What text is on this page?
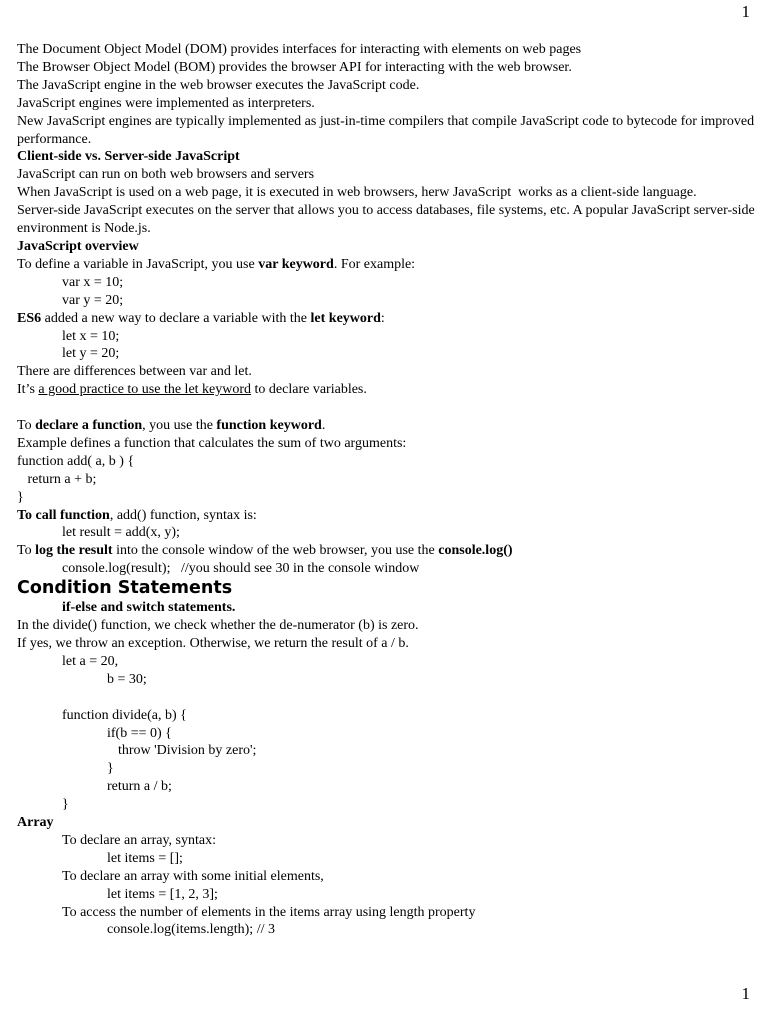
1
The Document Object Model (DOM) provides interfaces for interacting with elements on web pages
The Browser Object Model (BOM) provides the browser API for interacting with the web browser.
The JavaScript engine in the web browser executes the JavaScript code.
JavaScript engines were implemented as interpreters.
New JavaScript engines are typically implemented as just-in-time compilers that compile JavaScript code to bytecode for improved performance.
Client-side vs. Server-side JavaScript
JavaScript can run on both web browsers and servers
When JavaScript is used on a web page, it is executed in web browsers, herw JavaScript  works as a client-side language.
Server-side JavaScript executes on the server that allows you to access databases, file systems, etc. A popular JavaScript server-side environment is Node.js.
JavaScript overview
To define a variable in JavaScript, you use var keyword. For example:
var x = 10;
var y = 20;
ES6 added a new way to declare a variable with the let keyword:
let x = 10;
let y = 20;
There are differences between var and let.
It’s a good practice to use the let keyword to declare variables.
To declare a function, you use the function keyword.
Example defines a function that calculates the sum of two arguments:
function add( a, b ) {
return a + b;
}
To call function, add() function, syntax is:
let result = add(x, y);
To log the result into the console window of the web browser, you use the console.log()
console.log(result);   //you should see 30 in the console window
Condition Statements
if-else and switch statements.
In the divide() function, we check whether the de-numerator (b) is zero.
If yes, we throw an exception. Otherwise, we return the result of a / b.
let a = 20,
b = 30;
function divide(a, b) {
if(b == 0) {
throw 'Division by zero';
}
return a / b;
}
Array
To declare an array, syntax:
let items = [];
To declare an array with some initial elements,
let items = [1, 2, 3];
To access the number of elements in the items array using length property
console.log(items.length); // 3
1
